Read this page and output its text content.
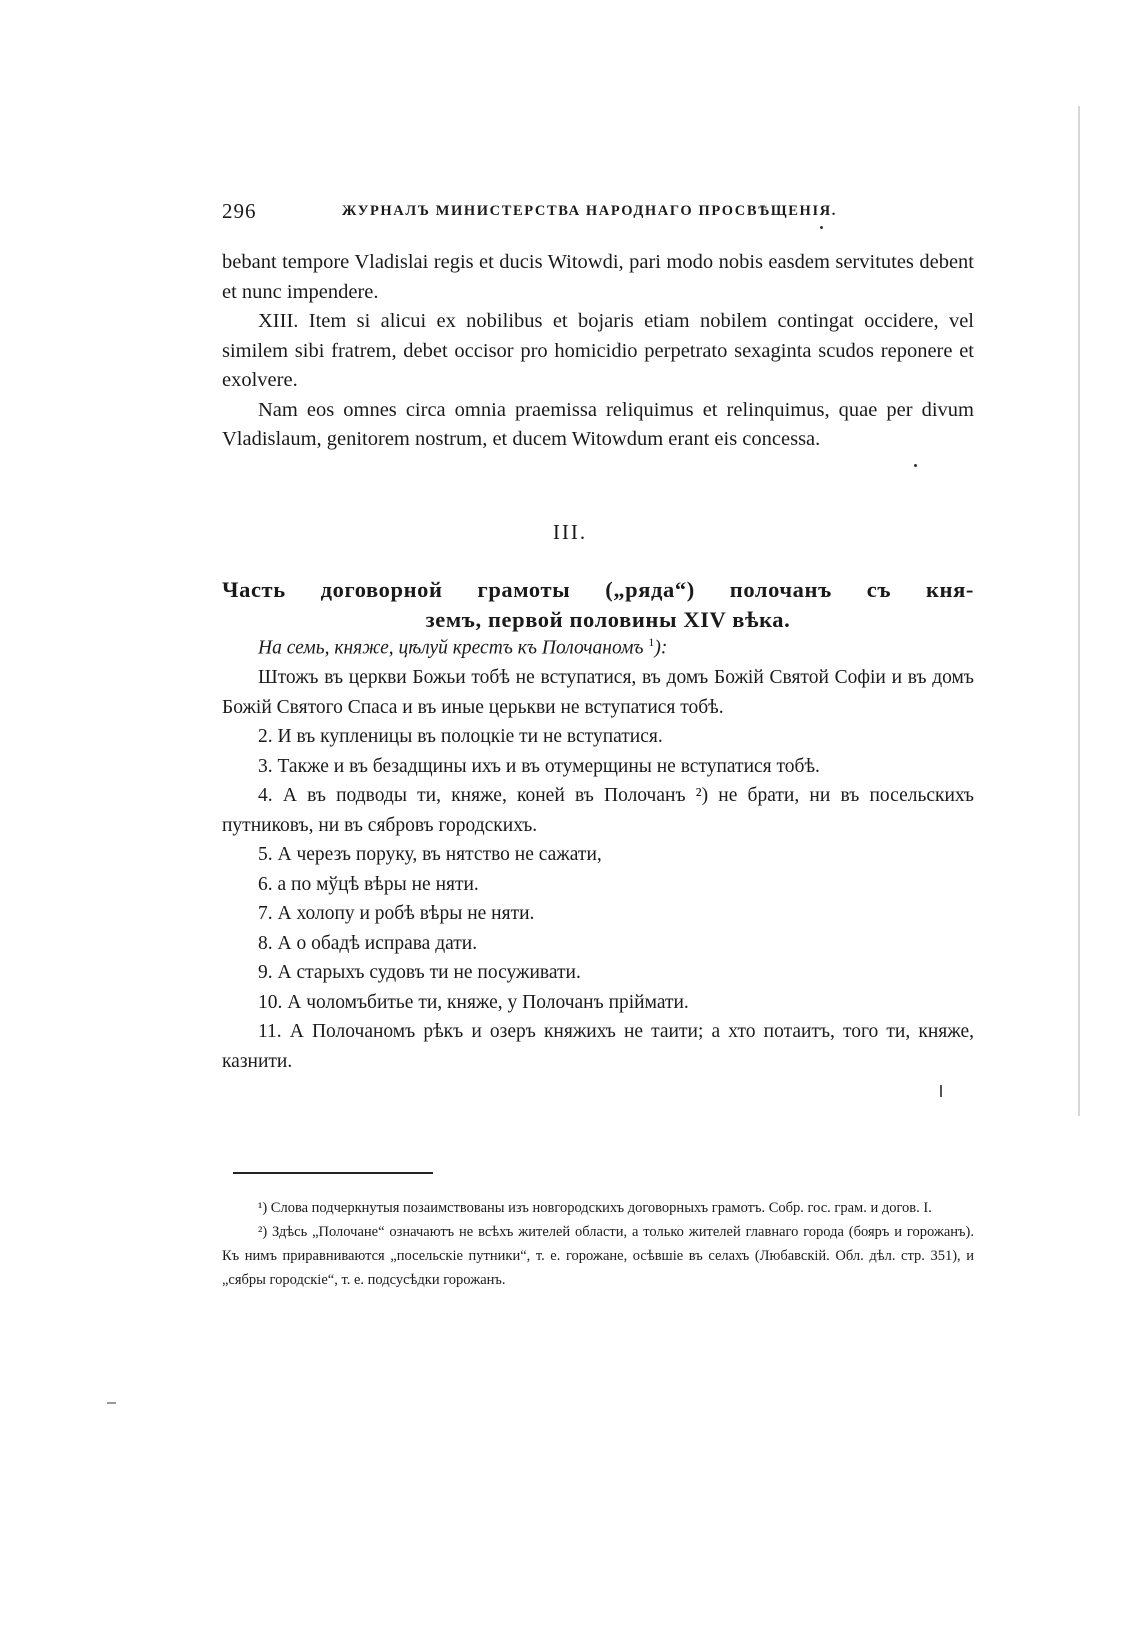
296	ЖУРНАЛЪ МИНИСТЕРСТВА НАРОДНАГО ПРОСВѢЩЕНІЯ.

bebant tempore Vladislai regis et ducis Witowdi, pari modo nobis easdem servitutes debent et nunc impendere.

XIII. Item si alicui ex nobilibus et bojaris etiam nobilem contingat occidere, vel similem sibi fratrem, debet occisor pro homicidio perpetrato sexaginta scudos reponere et exolvere.

Nam eos omnes circa omnia praemissa reliquimus et relinquimus, quae per divum Vladislaum, genitorem nostrum, et ducem Witowdum erant eis concessa.

III.
Часть договорной грамоты („ряда“) полочанъ съ кня-
земъ, первой половины XIV вѣка.
На семь, княже, цѣлуй крестъ къ Полочаномъ $^1$):

Штожъ въ церкви Божьи тобѣ не вступатися, въ домъ Божій Святой Софіи и въ домъ Божій Святого Спаса и въ иные церькви не вступатися тобѣ.

2. И въ купленицы въ полоцкіе ти не вступатися.

3. Также и въ безадщины ихъ и въ отумерщины не вступатися тобѣ.

4. А въ подводы ти, княже, коней въ Полочанъ ²) не брати, ни въ посельскихъ путниковъ, ни въ сябровъ городскихъ.

5. А черезъ поруку, въ нятство не сажати,

6. а по мўцѣ вѣры не няти.

7. А холопу и робѣ вѣры не няти.

8. А о обадѣ исправа дати.

9. А старыхъ судовъ ти не посуживати.

10. А чоломъбитье ти, княже, у Полочанъ пріймати.

11. А Полочаномъ рѣкъ и озеръ княжихъ не таити; а хто потаитъ, того ти, княже, казнити.

¹) Слова подчеркнутыя позаимствованы изъ новгородскихъ договорныхъ грамотъ. Собр. гос. грам. и догов. I.

²) Здѣсь „Полочане“ означаютъ не всѣхъ жителей области, а только жителей главнаго города (бояръ и горожанъ). Къ нимъ приравниваются „посельскіе путники“, т. е. горожане, осѣвшіе въ селахъ (Любавскій. Обл. дѣл. стр. 351), и „сябры городскіе“, т. е. подсусѣдки горожанъ.
